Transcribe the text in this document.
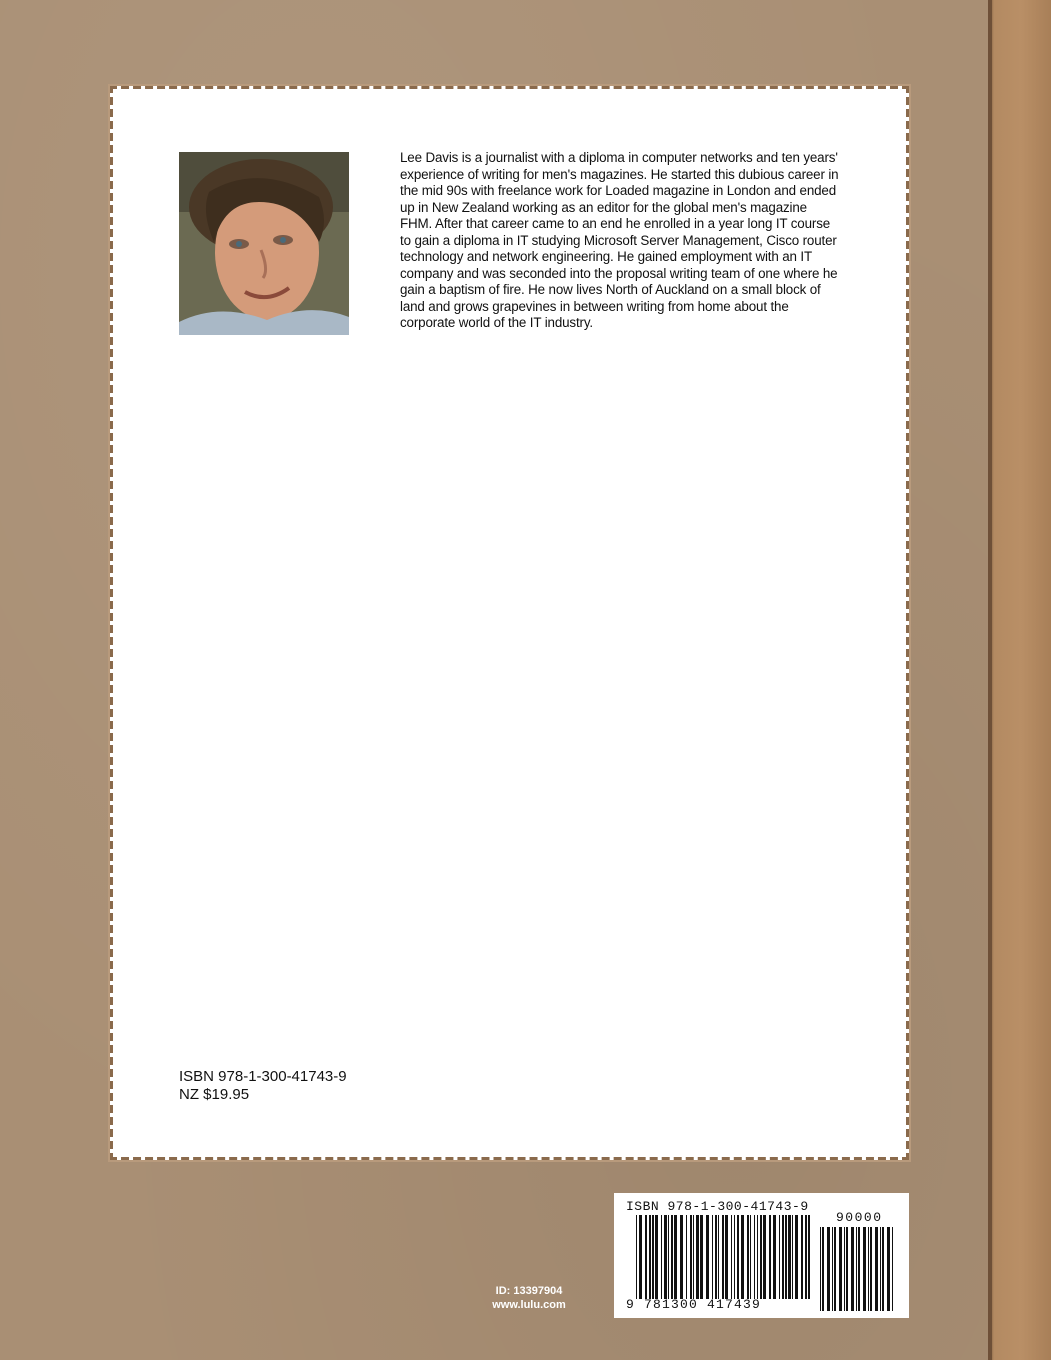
Lee Davis is a journalist with a diploma in computer networks and ten years' experience of writing for men's magazines. He started this dubious career in the mid 90s with freelance work for Loaded magazine in London and ended up in New Zealand working as an editor for the global men's magazine FHM. After that career came to an end he enrolled in a year long IT course to gain a diploma in IT studying Microsoft Server Management, Cisco router technology and network engineering. He gained employment with an IT company and was seconded into the proposal writing team of one where he gain a baptism of fire. He now lives North of Auckland on a small block of land and grows grapevines in between writing from home about the corporate world of the IT industry.

ISBN 978-1-300-41743-9
NZ $19.95
ID: 13397904
www.lulu.com
ISBN 978-1-300-41743-9
90000
9 781300 417439
